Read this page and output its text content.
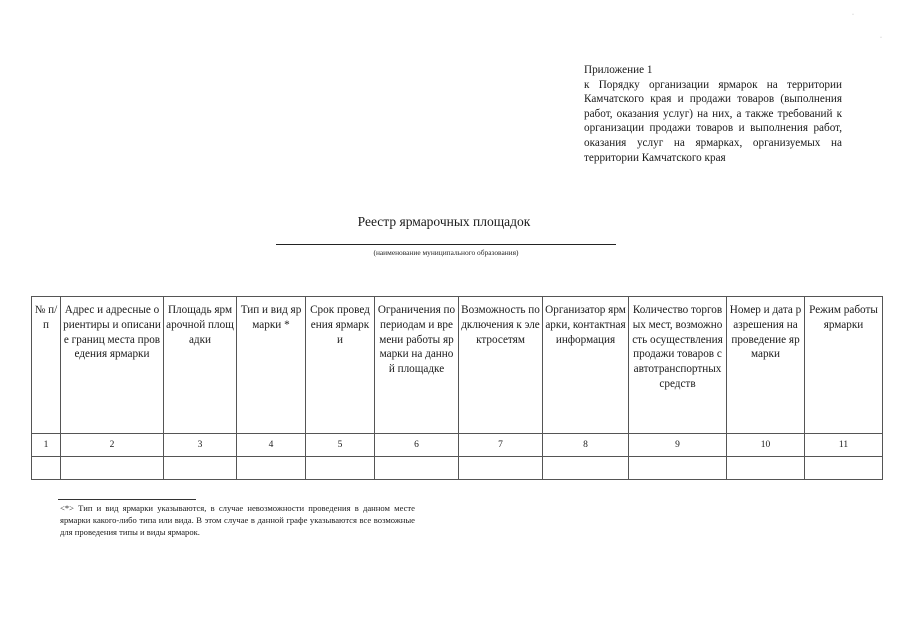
·
·
Приложение 1
к Порядку организации ярмарок на территории Камчатского края и продажи товаров (выполнения работ, оказания услуг) на них, а также требований к организации продажи товаров и выполнения работ, оказания услуг на ярмарках, организуемых на территории Камчатского края
Реестр ярмарочных площадок
(наименование муниципального образования)
№ п/п	Адрес и адресные ориентиры и описание границ места проведения ярмарки	Площадь ярмарочной площадки	Тип и вид ярмарки *	Срок проведения ярмарки	Ограничения по периодам и времени работы ярмарки на данной площадке	Возможность подключения к электросетям	Организатор ярмарки, контактная информация	Количество торговых мест, возможность осуществления продажи товаров с автотранспортных средств	Номер и дата разрешения на проведение ярмарки	Режим работы ярмарки
1	2	3	4	5	6	7	8	9	10	11

<*> Тип и вид ярмарки указываются, в случае невозможности проведения в данном месте ярмарки какого-либо типа или вида. В этом случае в данной графе указываются все возможные для проведения типы и виды ярмарок.
